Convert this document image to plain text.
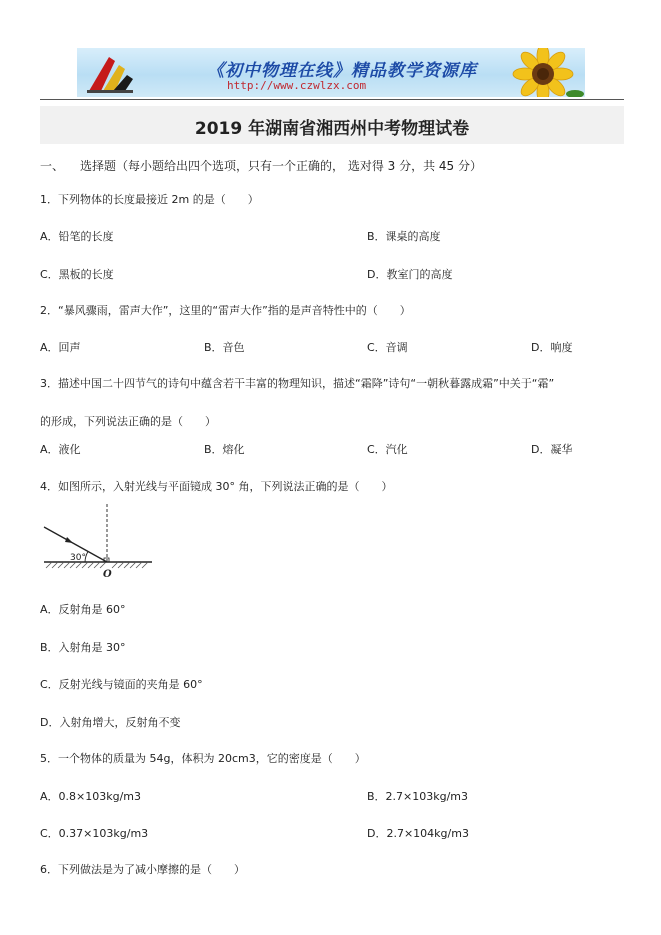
《初中物理在线》精品教学资源库
http://www.czwlzx.com
2019 年湖南省湘西州中考物理试卷
一、 选择题（每小题给出四个选项，只有一个正确的， 选对得 3 分，共 45 分）
1．下列物体的长度最接近 2m 的是（　　）
A．铅笔的长度	B．课桌的高度
C．黑板的长度	D．教室门的高度
2．“暴风骤雨，雷声大作”，这里的“雷声大作”指的是声音特性中的（　　）
A．回声	B．音色	C．音调	D．响度
3．描述中国二十四节气的诗句中蕴含若干丰富的物理知识，描述“霜降”诗句“一朝秋暮露成霜”中关于“霜”
的形成，下列说法正确的是（　　）
A．液化	B．熔化	C．汽化	D．凝华
4．如图所示，入射光线与平面镜成 30° 角，下列说法正确的是（　　）
30°
O
A．反射角是 60°
B．入射角是 30°
C．反射光线与镜面的夹角是 60°
D．入射角增大，反射角不变
5．一个物体的质量为 54g，体积为 20cm3，它的密度是（　　）
A．0.8×103kg/m3	B．2.7×103kg/m3
C．0.37×103kg/m3	D．2.7×104kg/m3
6．下列做法是为了减小摩擦的是（　　）
